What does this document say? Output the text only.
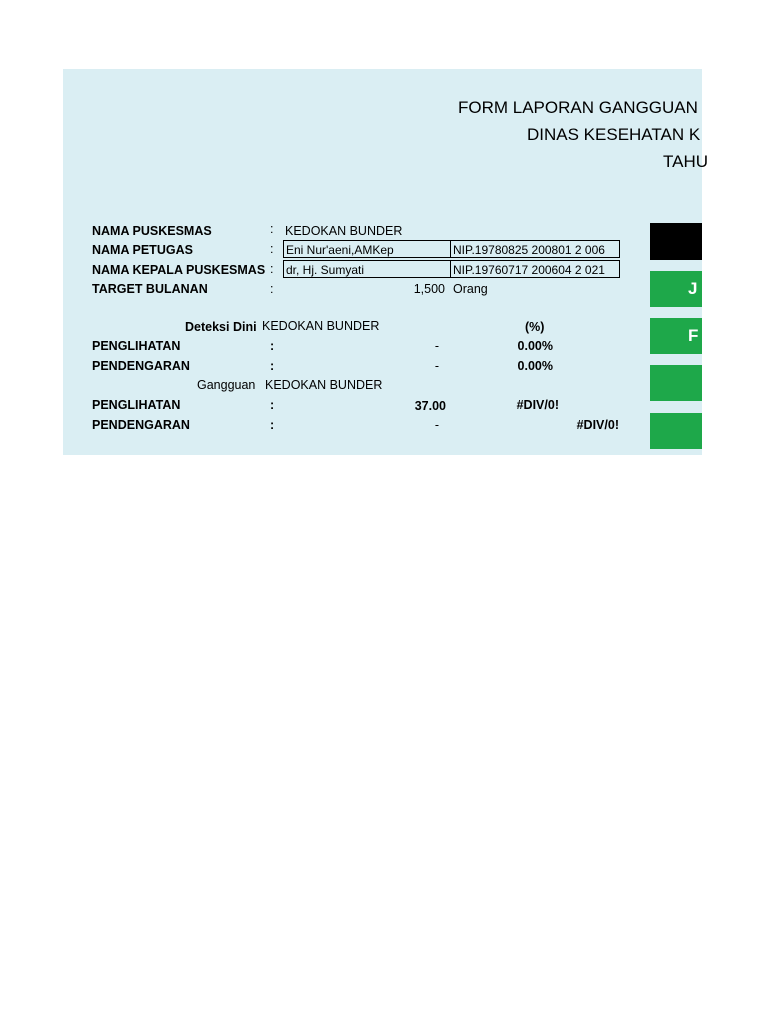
FORM LAPORAN GANGGUAN
DINAS KESEHATAN K
TAHU
NAMA PUSKESMAS	: KEDOKAN BUNDER
NAMA PETUGAS	: Eni Nur'aeni,AMKep	NIP.19780825 200801 2 006
NAMA KEPALA PUSKESMAS : dr, Hj. Sumyati	NIP.19760717 200604 2 021
TARGET BULANAN	:	1,500 Orang
Deteksi Dini KEDOKAN BUNDER	(%)
PENGLIHATAN	:	-	0.00%
PENDENGARAN	:	-	0.00%
Gangguan KEDOKAN BUNDER
PENGLIHATAN	:	37.00	#DIV/0!
PENDENGARAN	:	-	#DIV/0!
J
F
